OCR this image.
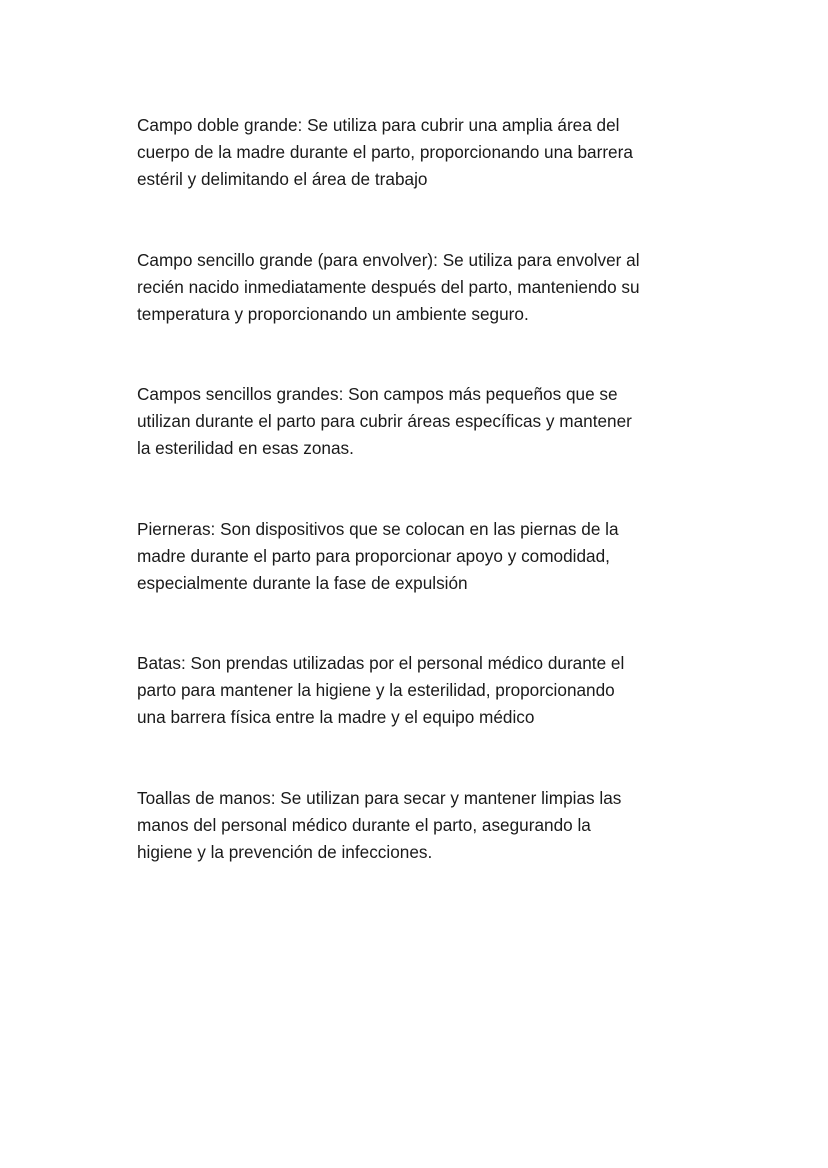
Campo doble grande: Se utiliza para cubrir una amplia área del
cuerpo de la madre durante el parto, proporcionando una barrera
estéril y delimitando el área de trabajo

Campo sencillo grande (para envolver): Se utiliza para envolver al
recién nacido inmediatamente después del parto, manteniendo su
temperatura y proporcionando un ambiente seguro.

Campos sencillos grandes: Son campos más pequeños que se
utilizan durante el parto para cubrir áreas específicas y mantener
la esterilidad en esas zonas.

Pierneras: Son dispositivos que se colocan en las piernas de la
madre durante el parto para proporcionar apoyo y comodidad,
especialmente durante la fase de expulsión

Batas: Son prendas utilizadas por el personal médico durante el
parto para mantener la higiene y la esterilidad, proporcionando
una barrera física entre la madre y el equipo médico

Toallas de manos: Se utilizan para secar y mantener limpias las
manos del personal médico durante el parto, asegurando la
higiene y la prevención de infecciones.
